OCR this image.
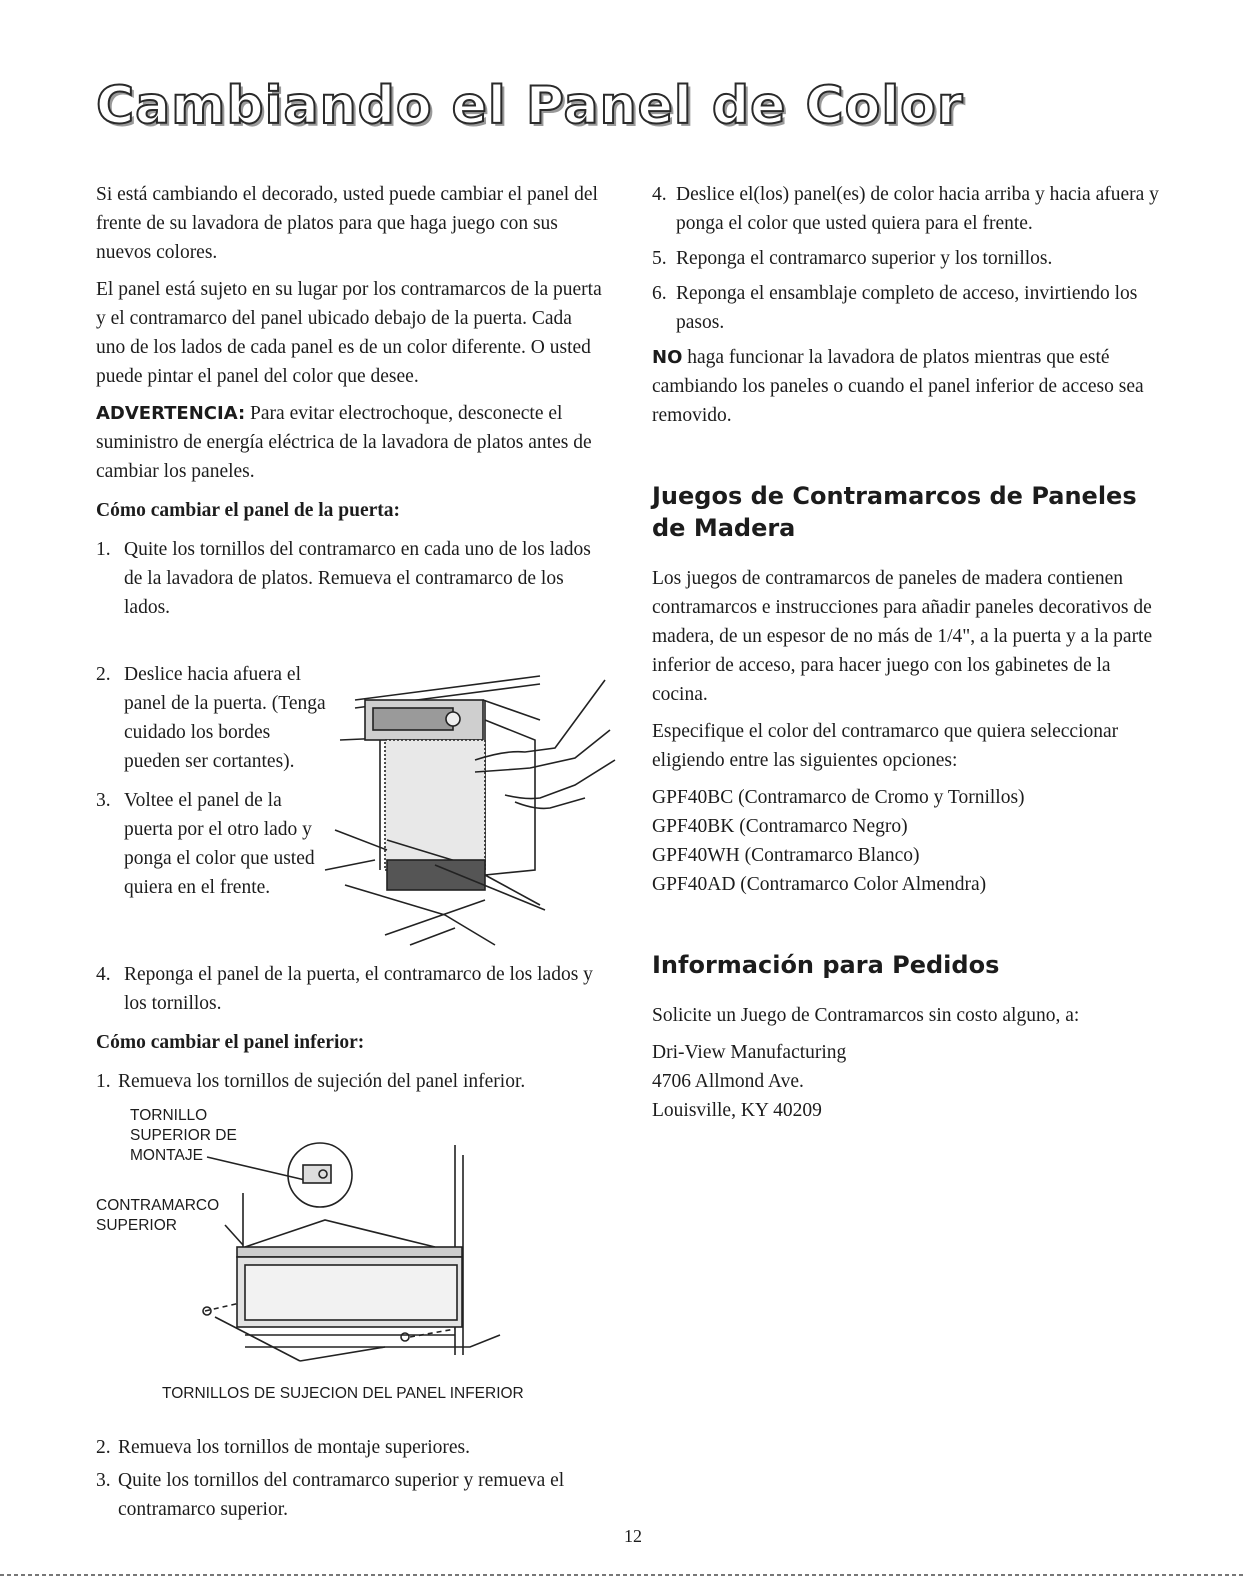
Cambiando el Panel de Color

Si está cambiando el decorado, usted puede cambiar el panel del frente de su lavadora de platos para que haga juego con sus nuevos colores.

El panel está sujeto en su lugar por los contramarcos de la puerta y el contramarco del panel ubicado debajo de la puerta. Cada uno de los lados de cada panel es de un color diferente. O usted puede pintar el panel del color que desee.

ADVERTENCIA: Para evitar electrochoque, desconecte el suministro de energía eléctrica de la lavadora de platos antes de cambiar los paneles.

Cómo cambiar el panel de la puerta:
1. Quite los tornillos del contramarco en cada uno de los lados de la lavadora de platos. Remueva el contramarco de los lados.
2. Deslice hacia afuera el panel de la puerta. (Tenga cuidado los bordes pueden ser cortantes).
3. Voltee el panel de la puerta por el otro lado y ponga el color que usted quiera en el frente.
4. Reponga el panel de la puerta, el contramarco de los lados y los tornillos.
Cómo cambiar el panel inferior:
1. Remueva los tornillos de sujeción del panel inferior.
TORNILLO
SUPERIOR DE
MONTAJE
CONTRAMARCO
SUPERIOR
TORNILLOS DE SUJECION DEL PANEL INFERIOR
2. Remueva los tornillos de montaje superiores.
3. Quite los tornillos del contramarco superior y remueva el contramarco superior.
4. Deslice el(los) panel(es) de color hacia arriba y hacia afuera y ponga el color que usted quiera para el frente.
5. Reponga el contramarco superior y los tornillos.
6. Reponga el ensamblaje completo de acceso, invirtiendo los pasos.

NO haga funcionar la lavadora de platos mientras que esté cambiando los paneles o cuando el panel inferior de acceso sea removido.

Juegos de Contramarcos de Paneles de Madera

Los juegos de contramarcos de paneles de madera contienen contramarcos e instrucciones para añadir paneles decorativos de madera, de un espesor de no más de 1/4", a la puerta y a la parte inferior de acceso, para hacer juego con los gabinetes de la cocina.

Especifique el color del contramarco que quiera seleccionar eligiendo entre las siguientes opciones:

GPF40BC (Contramarco de Cromo y Tornillos)
GPF40BK (Contramarco Negro)
GPF40WH (Contramarco Blanco)
GPF40AD (Contramarco Color Almendra)
Información para Pedidos

Solicite un Juego de Contramarcos sin costo alguno, a:

Dri-View Manufacturing
4706 Allmond Ave.
Louisville, KY 40209
12
